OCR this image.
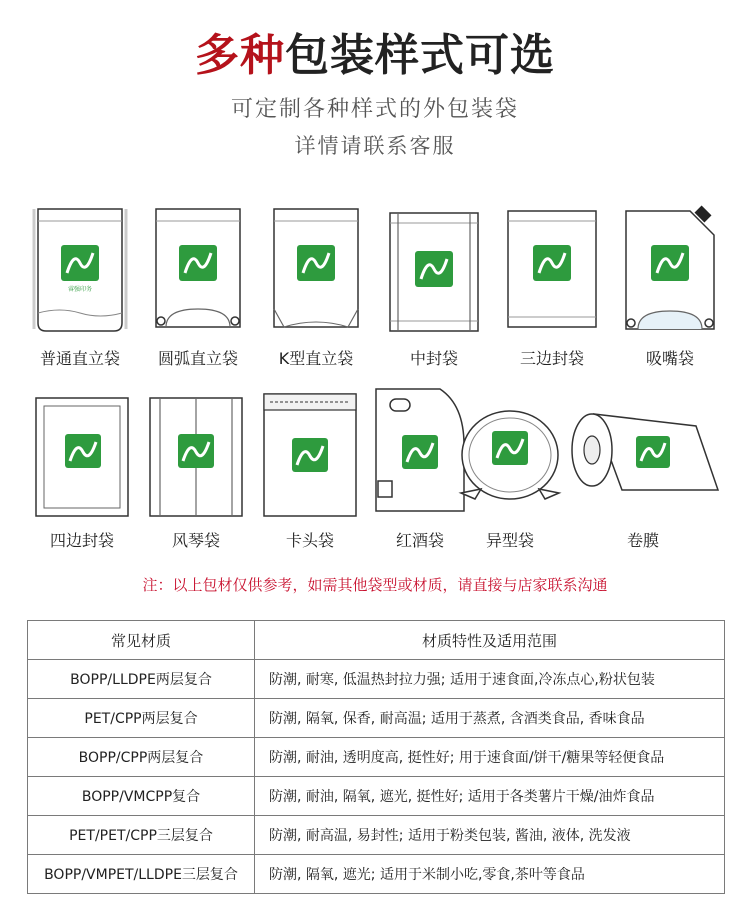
多种包装样式可选
可定制各种样式的外包装袋
详情请联系客服
睿强印务
普通直立袋	圆弧直立袋	K型直立袋	中封袋	三边封袋	吸嘴袋
四边封袋	风琴袋	卡头袋	红酒袋	异型袋	卷膜
注：以上包材仅供参考，如需其他袋型或材质，请直接与店家联系沟通
常见材质	材质特性及适用范围
BOPP/LLDPE两层复合	防潮, 耐寒, 低温热封拉力强; 适用于速食面,冷冻点心,粉状包装
PET/CPP两层复合	防潮, 隔氧, 保香, 耐高温; 适用于蒸煮, 含酒类食品, 香味食品
BOPP/CPP两层复合	防潮, 耐油, 透明度高, 挺性好; 用于速食面/饼干/糖果等轻便食品
BOPP/VMCPP复合	防潮, 耐油, 隔氧, 遮光, 挺性好; 适用于各类薯片干燥/油炸食品
PET/PET/CPP三层复合	防潮, 耐高温, 易封性; 适用于粉类包装, 酱油, 液体, 洗发液
BOPP/VMPET/LLDPE三层复合	防潮, 隔氧, 遮光; 适用于米制小吃,零食,茶叶等食品
